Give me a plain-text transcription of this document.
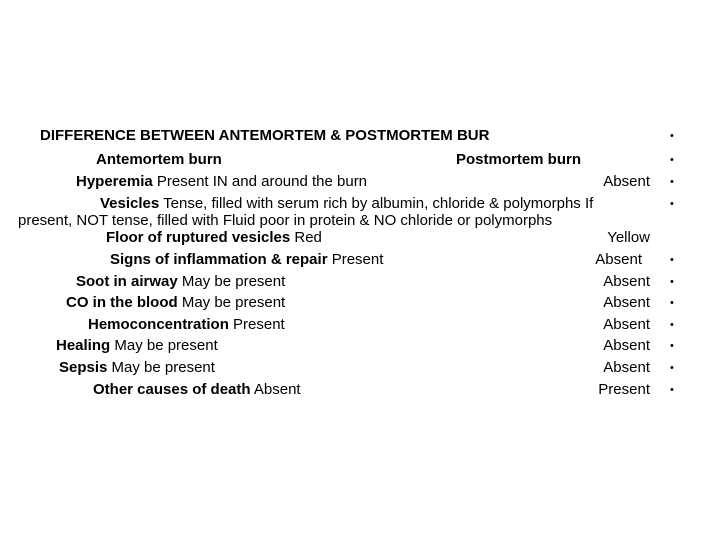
DIFFERENCE BETWEEN ANTEMORTEM & POSTMORTEM BUR
Antemortem burn	Postmortem burn
Hyperemia Present IN and around the burn	Absent
Vesicles Tense, filled with serum rich by albumin, chloride & polymorphs If
present, NOT tense, filled with Fluid poor in protein & NO chloride or polymorphs
Floor of ruptured vesicles Red	Yellow
Signs of inflammation & repair Present	Absent
Soot in airway May be present	Absent
CO in the blood May be present	Absent
Hemoconcentration Present	Absent
Healing May be present	Absent
Sepsis May be present	Absent
Other causes of death Absent	Present
•
•
•
•
•
•
•
•
•
•
•
